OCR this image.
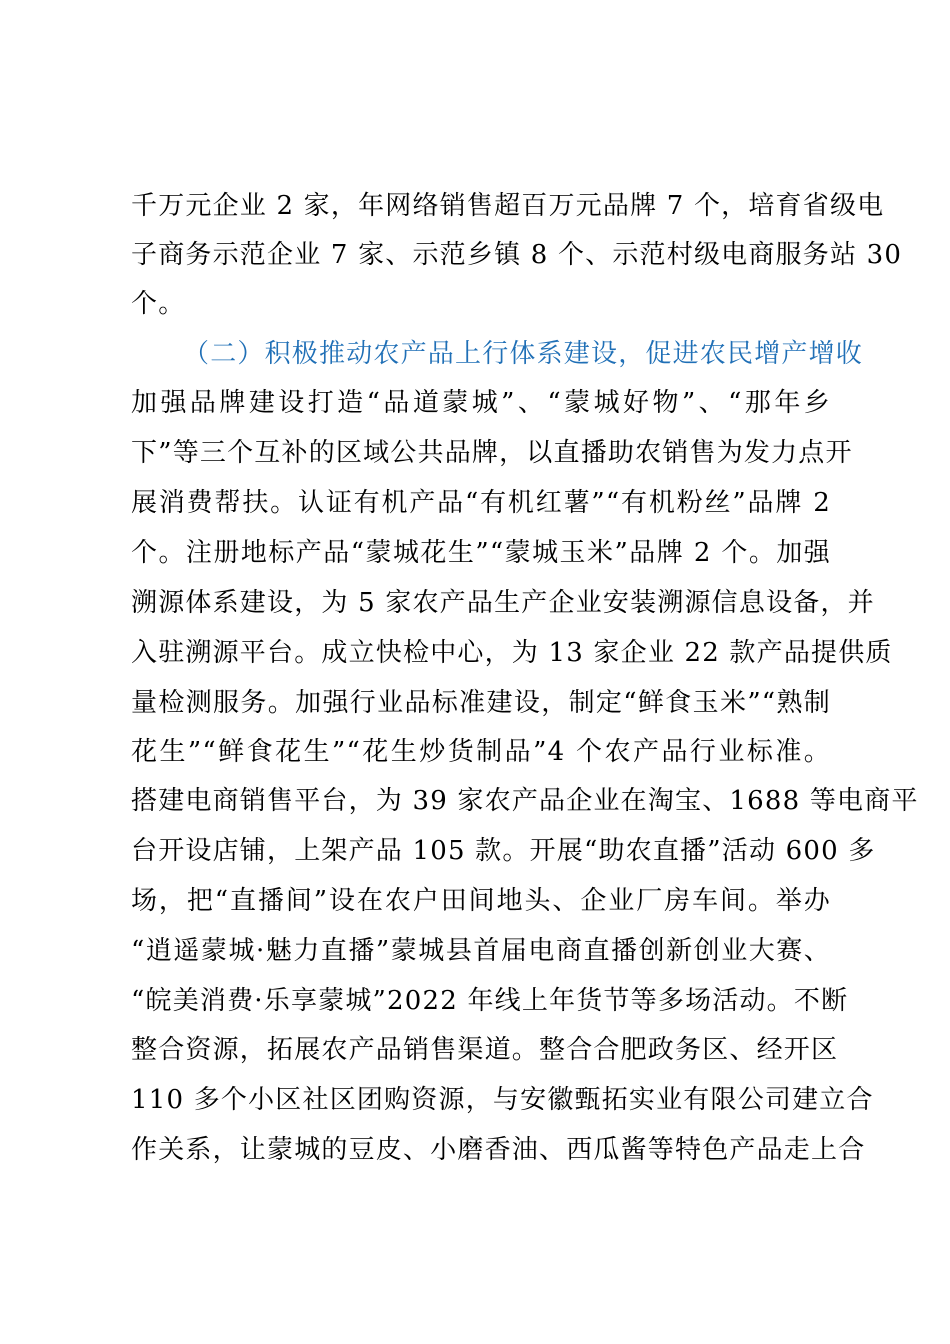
千万元企业 2 家，年网络销售超百万元品牌 7 个，培育省级电
子商务示范企业 7 家、示范乡镇 8 个、示范村级电商服务站 30
个。
（二）积极推动农产品上行体系建设，促进农民增产增收
加强品牌建设打造“品道蒙城”、“蒙城好物”、“那年乡
下”等三个互补的区域公共品牌，以直播助农销售为发力点开
展消费帮扶。认证有机产品“有机红薯”“有机粉丝”品牌 2
个。注册地标产品“蒙城花生”“蒙城玉米”品牌 2 个。加强
溯源体系建设，为 5 家农产品生产企业安装溯源信息设备，并
入驻溯源平台。成立快检中心，为 13 家企业 22 款产品提供质
量检测服务。加强行业品标准建设，制定“鲜食玉米”“熟制
花生”“鲜食花生”“花生炒货制品”4 个农产品行业标准。
搭建电商销售平台，为 39 家农产品企业在淘宝、1688 等电商平
台开设店铺，上架产品 105 款。开展“助农直播”活动 600 多
场，把“直播间”设在农户田间地头、企业厂房车间。举办
“逍遥蒙城·魅力直播”蒙城县首届电商直播创新创业大赛、
“皖美消费·乐享蒙城”2022 年线上年货节等多场活动。不断
整合资源，拓展农产品销售渠道。整合合肥政务区、经开区
110 多个小区社区团购资源，与安徽甄拓实业有限公司建立合
作关系，让蒙城的豆皮、小磨香油、西瓜酱等特色产品走上合
